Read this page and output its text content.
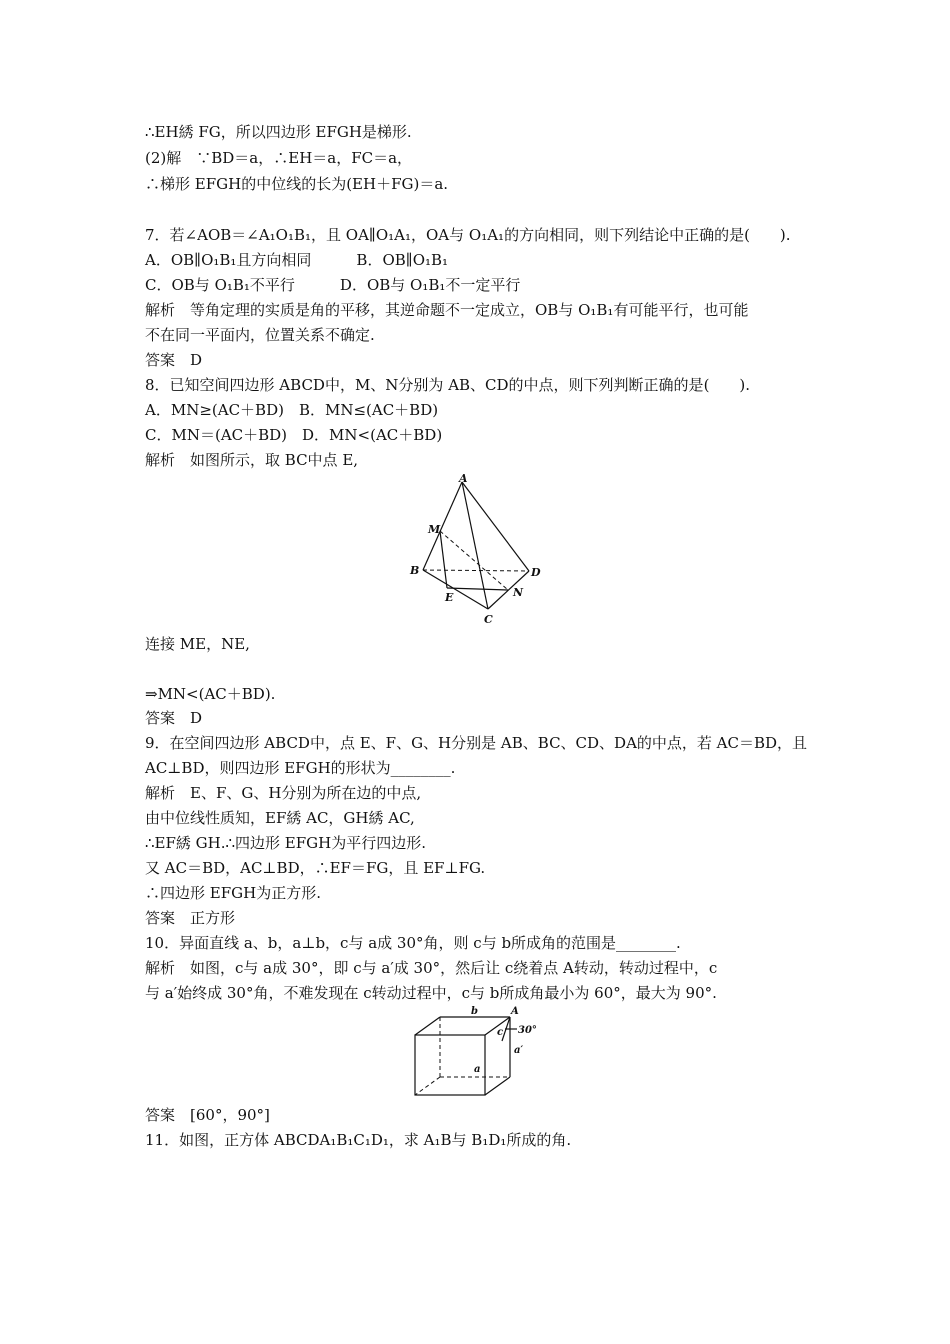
∴EH綉 FG，所以四边形 EFGH是梯形.
(2)解　∵BD＝a，∴EH＝a，FC＝a，
∴梯形 EFGH的中位线的长为(EH＋FG)＝a.
7．若∠AOB＝∠A₁O₁B₁，且 OA∥O₁A₁，OA与 O₁A₁的方向相同，则下列结论中正确的是(　　).
A．OB∥O₁B₁且方向相同　　　B．OB∥O₁B₁
C．OB与 O₁B₁不平行　　　D．OB与 O₁B₁不一定平行
解析　等角定理的实质是角的平移，其逆命题不一定成立，OB与 O₁B₁有可能平行，也可能
不在同一平面内，位置关系不确定.
答案　D
8．已知空间四边形 ABCD中，M、N分别为 AB、CD的中点，则下列判断正确的是(　　).
A．MN≥(AC＋BD)　B．MN≤(AC＋BD)
C．MN＝(AC＋BD)　D．MN<(AC＋BD)
解析　如图所示，取 BC中点 E,
A
M
B	D
E	N
C
连接 ME，NE,
⇒MN<(AC＋BD).
答案　D
9．在空间四边形 ABCD中，点 E、F、G、H分别是 AB、BC、CD、DA的中点，若 AC＝BD，且
AC⊥BD，则四边形 EFGH的形状为________.
解析　E、F、G、H分别为所在边的中点,
由中位线性质知，EF綉 AC，GH綉 AC,
∴EF綉 GH.∴四边形 EFGH为平行四边形.
又 AC＝BD，AC⊥BD，∴EF＝FG，且 EF⊥FG.
∴四边形 EFGH为正方形.
答案　正方形
10．异面直线 a、b，a⊥b，c与 a成 30°角，则 c与 b所成角的范围是________.
解析　如图，c与 a成 30°，即 c与 a′成 30°，然后让 c绕着点 A转动，转动过程中，c
与 a′始终成 30°角，不难发现在 c转动过程中，c与 b所成角最小为 60°，最大为 90°.
b	A
30°
c
a′
a
答案　[60°，90°]
11．如图，正方体 ABCDA₁B₁C₁D₁，求 A₁B与 B₁D₁所成的角.
